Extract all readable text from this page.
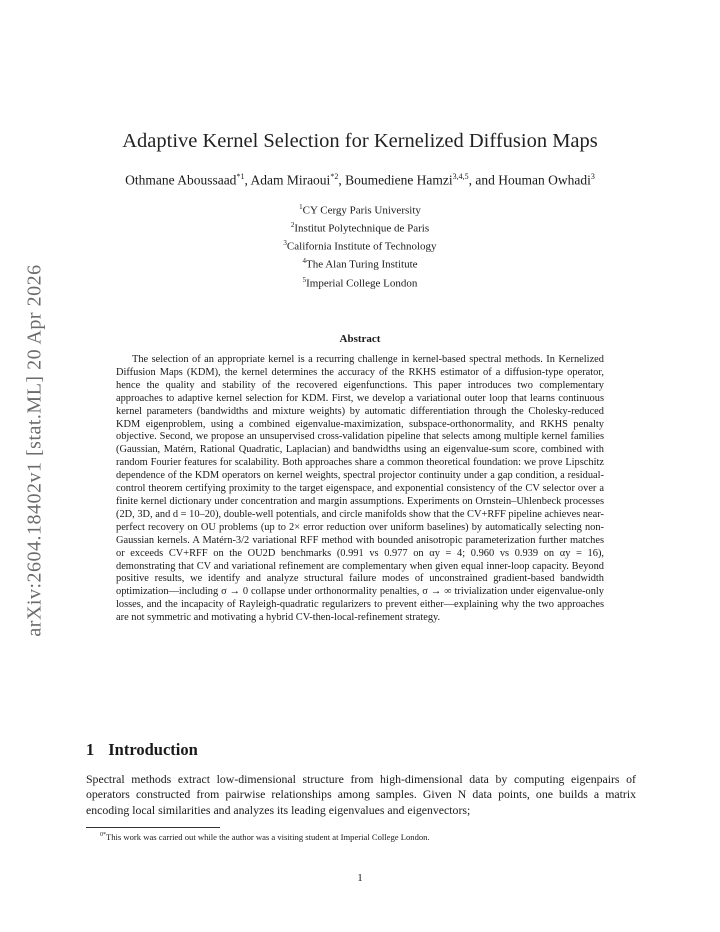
arXiv:2604.18402v1 [stat.ML] 20 Apr 2026
Adaptive Kernel Selection for Kernelized Diffusion Maps
Othmane Aboussaad$^{*1}$, Adam Miraoui$^{*2}$, Boumediene Hamzi$^{3,4,5}$, and Houman Owhadi$^3$
$^1$CY Cergy Paris University
$^2$Institut Polytechnique de Paris
$^3$California Institute of Technology
$^4$The Alan Turing Institute
$^5$Imperial College London
Abstract

The selection of an appropriate kernel is a recurring challenge in kernel-based spectral methods. In Kernelized Diffusion Maps (KDM), the kernel determines the accuracy of the RKHS estimator of a diffusion-type operator, hence the quality and stability of the recovered eigenfunctions. This paper introduces two complementary approaches to adaptive kernel selection for KDM. First, we develop a variational outer loop that learns continuous kernel parameters (bandwidths and mixture weights) by automatic differentiation through the Cholesky-reduced KDM eigenproblem, using a combined eigenvalue-maximization, subspace-orthonormality, and RKHS penalty objective. Second, we propose an unsupervised cross-validation pipeline that selects among multiple kernel families (Gaussian, Matérn, Rational Quadratic, Laplacian) and bandwidths using an eigenvalue-sum score, combined with random Fourier features for scalability. Both approaches share a common theoretical foundation: we prove Lipschitz dependence of the KDM operators on kernel weights, spectral projector continuity under a gap condition, a residual-control theorem certifying proximity to the target eigenspace, and exponential consistency of the CV selector over a finite kernel dictionary under concentration and margin assumptions. Experiments on Ornstein–Uhlenbeck processes (2D, 3D, and d = 10–20), double-well potentials, and circle manifolds show that the CV+RFF pipeline achieves near-perfect recovery on OU problems (up to 2× error reduction over uniform baselines) by automatically selecting non-Gaussian kernels. A Matérn-3/2 variational RFF method with bounded anisotropic parameterization further matches or exceeds CV+RFF on the OU2D benchmarks (0.991 vs 0.977 on αy = 4; 0.960 vs 0.939 on αy = 16), demonstrating that CV and variational refinement are complementary when given equal inner-loop capacity. Beyond positive results, we identify and analyze structural failure modes of unconstrained gradient-based bandwidth optimization—including σ → 0 collapse under orthonormality penalties, σ → ∞ trivialization under eigenvalue-only losses, and the incapacity of Rayleigh-quadratic regularizers to prevent either—explaining why the two approaches are not symmetric and motivating a hybrid CV-then-local-refinement strategy.

1 Introduction

Spectral methods extract low-dimensional structure from high-dimensional data by computing eigenpairs of operators constructed from pairwise relationships among samples. Given N data points, one builds a matrix encoding local similarities and analyzes its leading eigenvalues and eigenvectors;

$^{0*}$This work was carried out while the author was a visiting student at Imperial College London.
1
